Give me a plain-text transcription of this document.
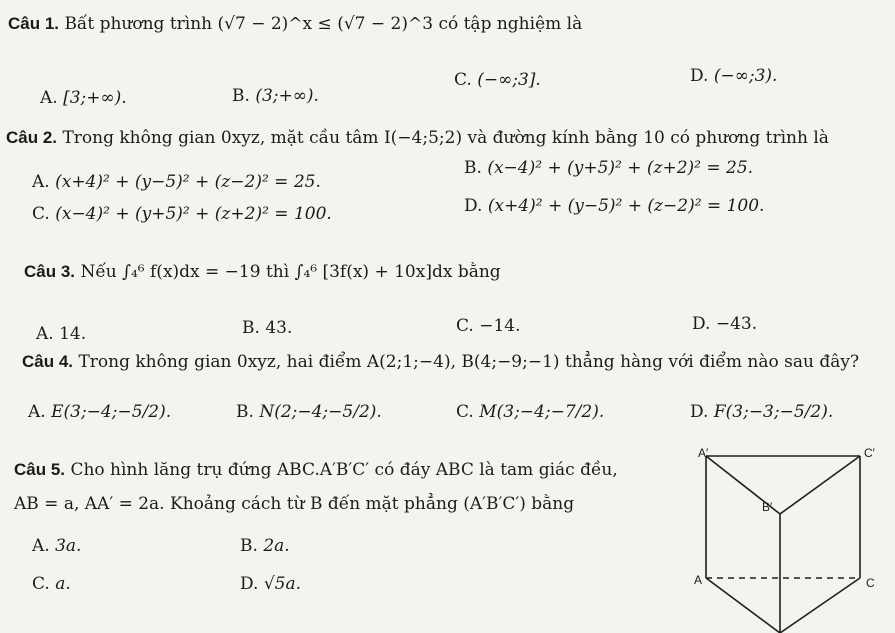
Câu 1. Bất phương trình (√7 − 2)^x ≤ (√7 − 2)^3 có tập nghiệm là
A. [3;+∞).	B. (3;+∞).
C. (−∞;3].	D. (−∞;3).
Câu 2. Trong không gian 0xyz, mặt cầu tâm I(−4;5;2) và đường kính bằng 10 có phương trình là
A. (x+4)² + (y−5)² + (z−2)² = 25.
B. (x−4)² + (y+5)² + (z+2)² = 25.
C. (x−4)² + (y+5)² + (z+2)² = 100.	D. (x+4)² + (y−5)² + (z−2)² = 100.
Câu 3. Nếu ∫₄⁶ f(x)dx = −19 thì ∫₄⁶ [3f(x) + 10x]dx bằng
A. 14.	B. 43.	C. −14.	D. −43.
Câu 4. Trong không gian 0xyz, hai điểm A(2;1;−4), B(4;−9;−1) thẳng hàng với điểm nào sau đây?
A. E(3;−4;−5/2).	B. N(2;−4;−5/2).	C. M(3;−4;−7/2).	D. F(3;−3;−5/2).
Câu 5. Cho hình lăng trụ đứng ABC.A′B′C′ có đáy ABC là tam giác đều,
AB = a, AA′ = 2a. Khoảng cách từ B đến mặt phẳng (A′B′C′) bằng
A. 3a.	B. 2a.
C. a.	D. √5a.
A′	C′
B′
A	C
